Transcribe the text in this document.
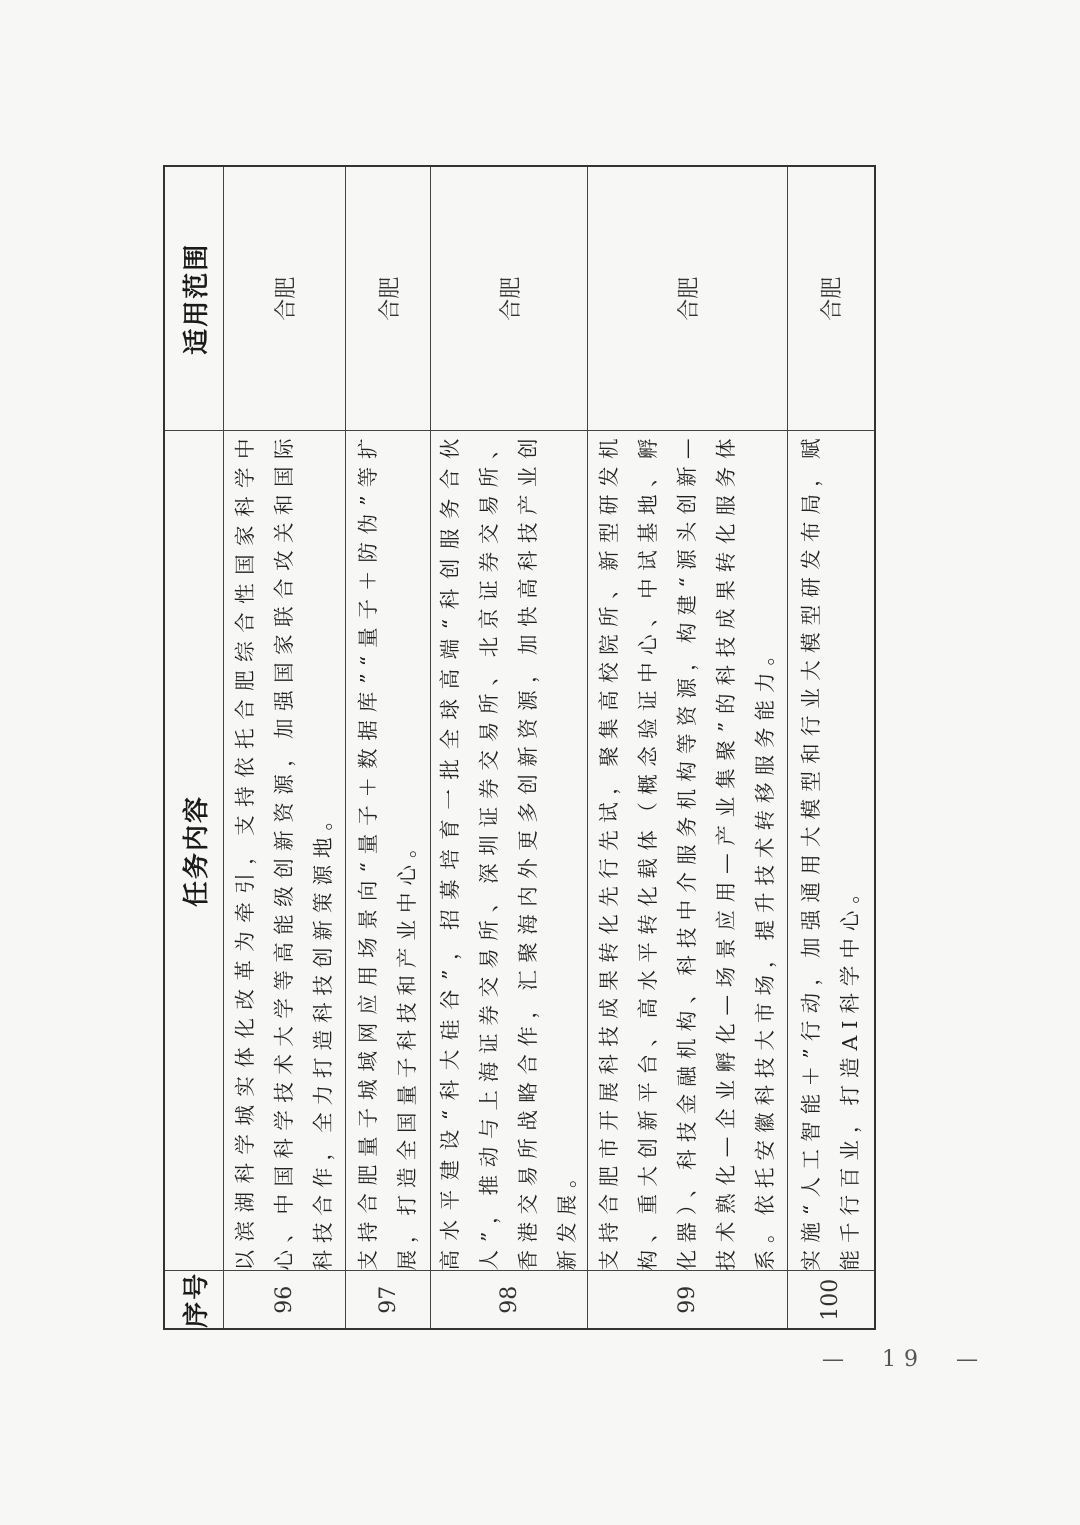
序号	任务内容	适用范围
96	以滨湖科学城实体化改革为牵引，支持依托合肥综合性国家科学中心、中国科学技术大学等高能级创新资源，加强国家联合攻关和国际科技合作，全力打造科技创新策源地。	合肥
97	支持合肥量子城域网应用场景向“量子＋数据库”“量子＋防伪”等扩展，打造全国量子科技和产业中心。	合肥
98	高水平建设“科大硅谷”，招募培育一批全球高端“科创服务合伙人”，推动与上海证券交易所、深圳证券交易所、北京证券交易所、香港交易所战略合作，汇聚海内外更多创新资源，加快高科技产业创新发展。	合肥
99	支持合肥市开展科技成果转化先行先试，聚集高校院所、新型研发机构、重大创新平台、高水平转化载体（概念验证中心、中试基地、孵化器）、科技金融机构、科技中介服务机构等资源，构建“源头创新—技术熟化—企业孵化—场景应用—产业集聚”的科技成果转化服务体系。依托安徽科技大市场，提升技术转移服务能力。	合肥
100	实施“人工智能＋”行动，加强通用大模型和行业大模型研发布局，赋能千行百业，打造AI科学中心。	合肥
—  19  —
